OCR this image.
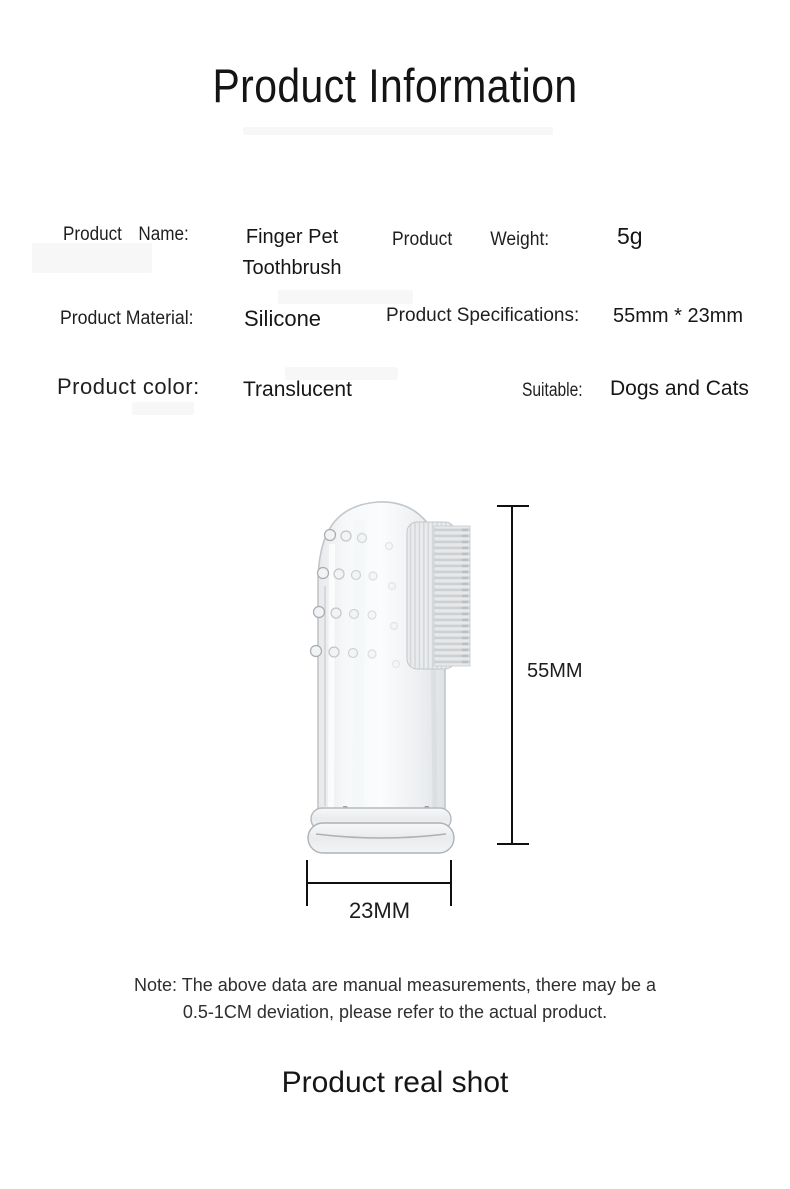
Product Information
Product Name:	Finger Pet
Toothbrush
Product Weight:	5g
Product Material: Silicone	Product Specifications: 55mm * 23mm
Product color: Translucent	Suitable: Dogs and Cats
55MM
23MM
Note: The above data are manual measurements, there may be a
0.5-1CM deviation, please refer to the actual product.
Product real shot
